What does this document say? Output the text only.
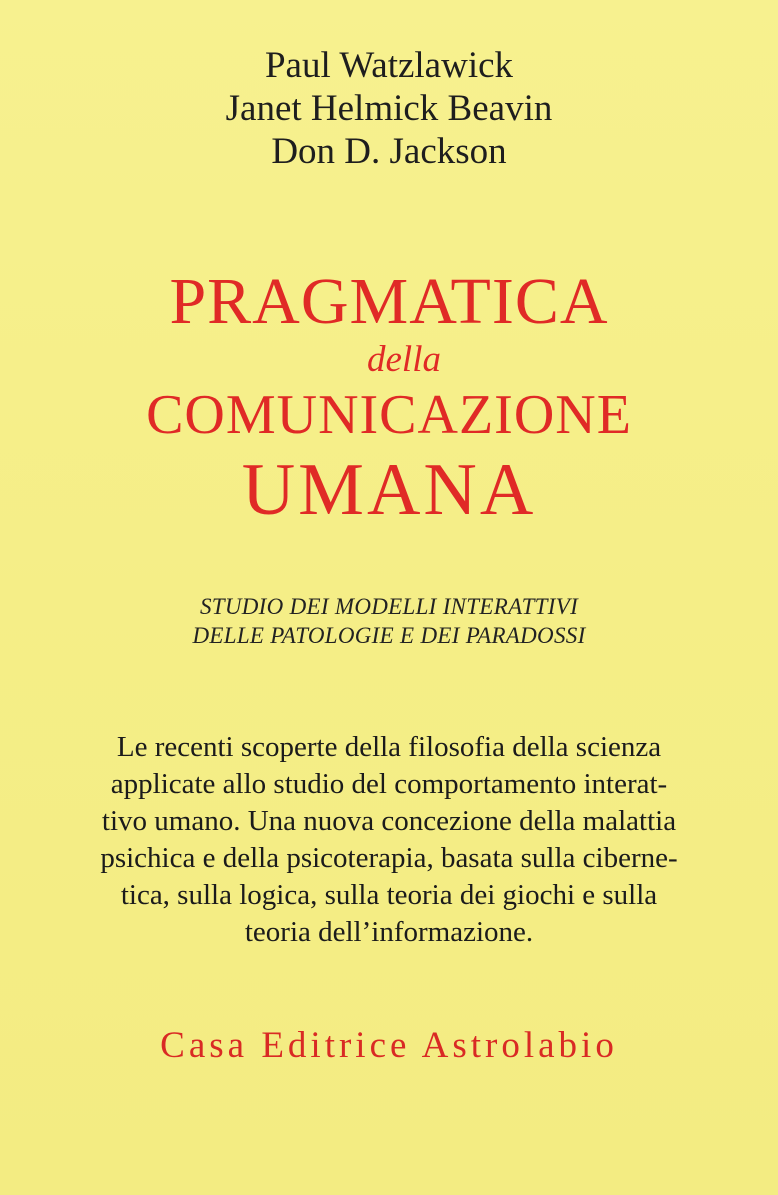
Paul Watzlawick
Janet Helmick Beavin
Don D. Jackson
PRAGMATICA
della
COMUNICAZIONE
UMANA
STUDIO DEI MODELLI INTERATTIVI
DELLE PATOLOGIE E DEI PARADOSSI
Le recenti scoperte della filosofia della scienza
applicate allo studio del comportamento interat-
tivo umano. Una nuova concezione della malattia
psichica e della psicoterapia, basata sulla ciberne-
tica, sulla logica, sulla teoria dei giochi e sulla
teoria dell’informazione.
Casa Editrice Astrolabio
